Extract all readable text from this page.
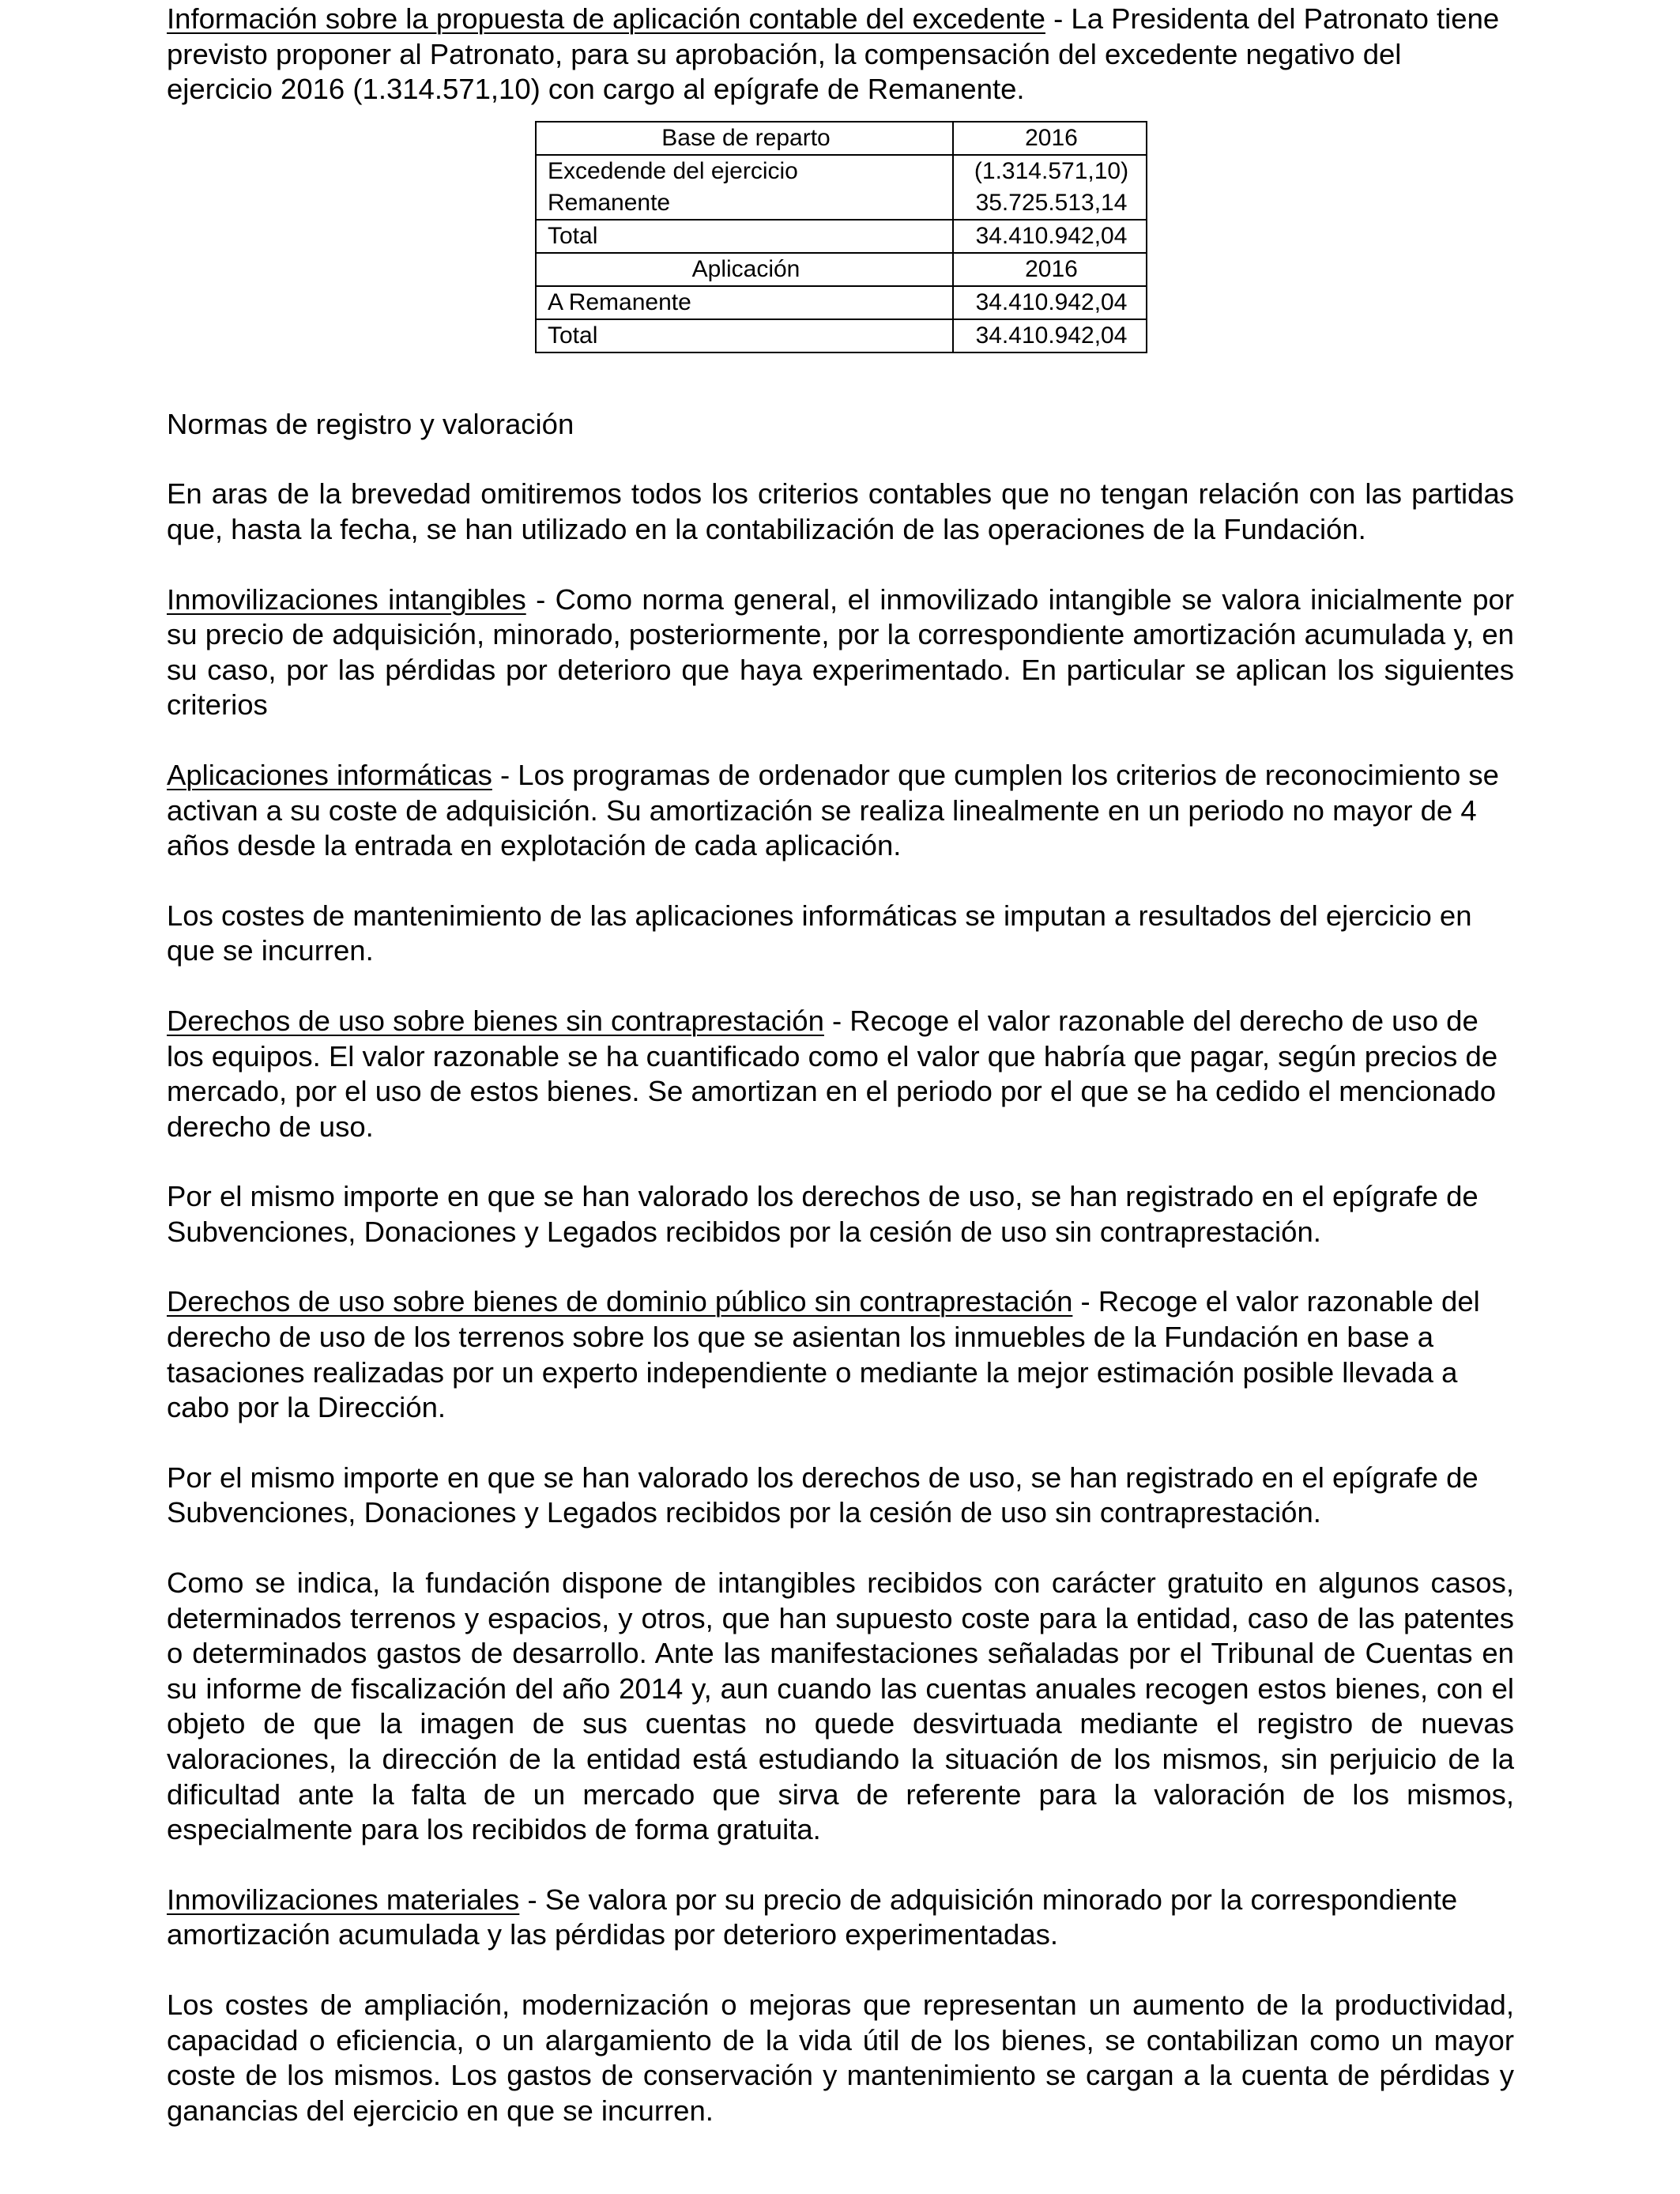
Información sobre la propuesta de aplicación contable del excedente - La Presidenta del Patronato tiene previsto proponer al Patronato, para su aprobación, la compensación del excedente negativo del ejercicio 2016 (1.314.571,10) con cargo al epígrafe de Remanente.

Base de reparto	2016
Excedende del ejercicio	(1.314.571,10)
Remanente	35.725.513,14
Total	34.410.942,04
Aplicación	2016
A Remanente	34.410.942,04
Total	34.410.942,04

Normas de registro y valoración

En aras de la brevedad omitiremos todos los criterios contables que no tengan relación con las partidas que, hasta la fecha, se han utilizado en la contabilización de las operaciones de la Fundación.

Inmovilizaciones intangibles - Como norma general, el inmovilizado intangible se valora inicialmente por su precio de adquisición, minorado, posteriormente, por la correspondiente amortización acumulada y, en su caso, por las pérdidas por deterioro que haya experimentado. En particular se aplican los siguientes criterios

Aplicaciones informáticas - Los programas de ordenador que cumplen los criterios de reconocimiento se activan a su coste de adquisición. Su amortización se realiza linealmente en un periodo no mayor de 4 años desde la entrada en explotación de cada aplicación.

Los costes de mantenimiento de las aplicaciones informáticas se imputan a resultados del ejercicio en que se incurren.

Derechos de uso sobre bienes sin contraprestación - Recoge el valor razonable del derecho de uso de los equipos. El valor razonable se ha cuantificado como el valor que habría que pagar, según precios de mercado, por el uso de estos bienes. Se amortizan en el periodo por el que se ha cedido el mencionado derecho de uso.

Por el mismo importe en que se han valorado los derechos de uso, se han registrado en el epígrafe de Subvenciones, Donaciones y Legados recibidos por la cesión de uso sin contraprestación.

Derechos de uso sobre bienes de dominio público sin contraprestación - Recoge el valor razonable del derecho de uso de los terrenos sobre los que se asientan los inmuebles de la Fundación en base a tasaciones realizadas por un experto independiente o mediante la mejor estimación posible llevada a cabo por la Dirección.

Por el mismo importe en que se han valorado los derechos de uso, se han registrado en el epígrafe de Subvenciones, Donaciones y Legados recibidos por la cesión de uso sin contraprestación.

Como se indica, la fundación dispone de intangibles recibidos con carácter gratuito en algunos casos, determinados terrenos y espacios, y otros, que han supuesto coste para la entidad, caso de las patentes o determinados gastos de desarrollo. Ante las manifestaciones señaladas por el Tribunal de Cuentas en su informe de fiscalización del año 2014 y, aun cuando las cuentas anuales recogen estos bienes, con el objeto de que la imagen de sus cuentas no quede desvirtuada mediante el registro de nuevas valoraciones, la dirección de la entidad está estudiando la situación de los mismos, sin perjuicio de la dificultad ante la falta de un mercado que sirva de referente para la valoración de los mismos, especialmente para los recibidos de forma gratuita.

Inmovilizaciones materiales - Se valora por su precio de adquisición minorado por la correspondiente amortización acumulada y las pérdidas por deterioro experimentadas.

Los costes de ampliación, modernización o mejoras que representan un aumento de la productividad, capacidad o eficiencia, o un alargamiento de la vida útil de los bienes, se contabilizan como un mayor coste de los mismos. Los gastos de conservación y mantenimiento se cargan a la cuenta de pérdidas y ganancias del ejercicio en que se incurren.
